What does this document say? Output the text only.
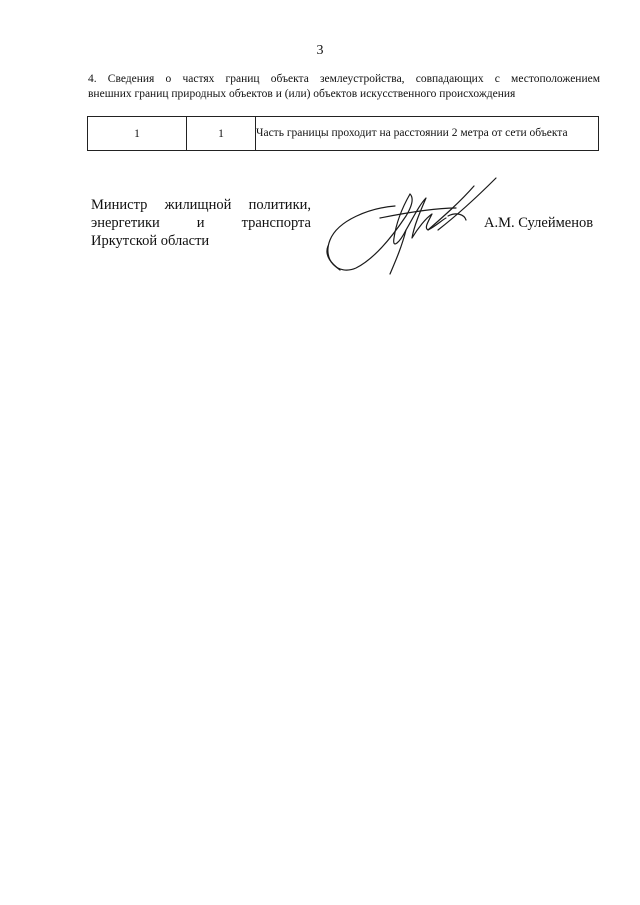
3
4. Сведения о частях границ объекта землеустройства, совпадающих с местоположением
внешних границ природных объектов и (или) объектов искусственного происхождения
1	1	Часть границы проходит на расстоянии 2 метра от сети объекта
Министр жилищной политики,
энергетики и транспорта
Иркутской области
А.М. Сулейменов
